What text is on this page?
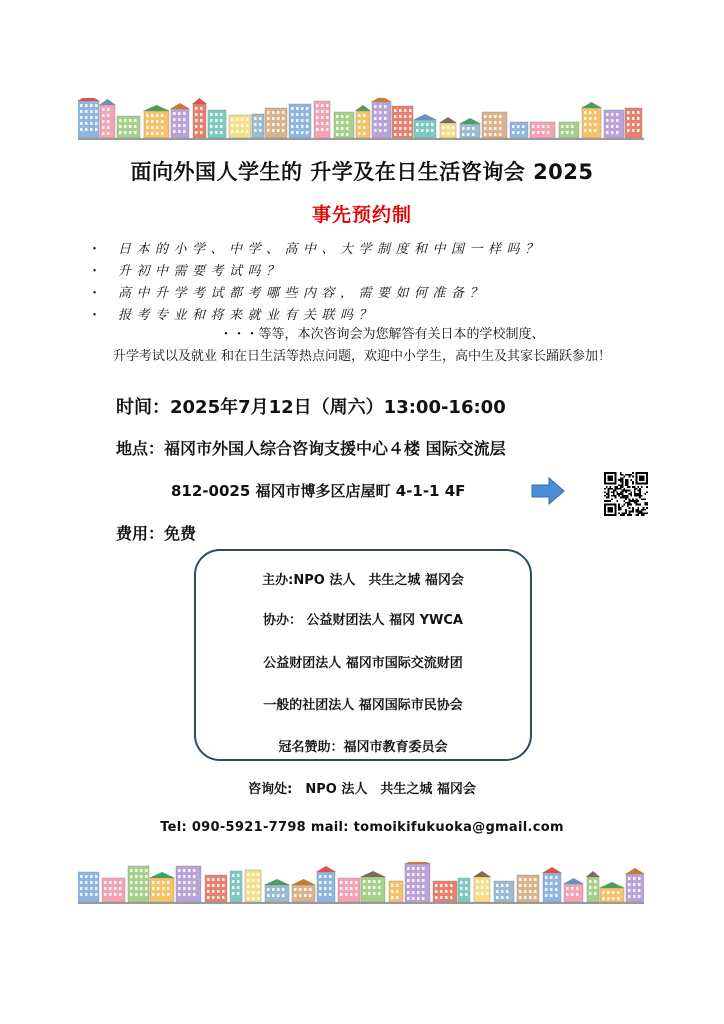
面向外国人学生的 升学及在日生活咨询会 2025
事先预约制
・ 日本的小学、中学、高中、大学制度和中国一样吗？
・ 升初中需要考试吗？
・ 高中升学考试都考哪些内容，需要如何准备？
・ 报考专业和将来就业有关联吗？
・・・等等，本次咨询会为您解答有关日本的学校制度、
升学考试以及就业 和在日生活等热点问题，欢迎中小学生，高中生及其家长踊跃参加！
时间：2025年7月12日（周六）13:00-16:00
地点：福冈市外国人综合咨询支援中心４楼 国际交流层
812-0025 福冈市博多区店屋町 4-1-1 4F
费用：免费
主办:NPO 法人　共生之城 福冈会
协办： 公益财团法人 福冈 YWCA
公益财团法人 福冈市国际交流财团
一般的社团法人 福冈国际市民协会
冠名赞助：福冈市教育委员会
咨询处:　NPO 法人　共生之城 福冈会
Tel: 090-5921-7798 mail: tomoikifukuoka@gmail.com
